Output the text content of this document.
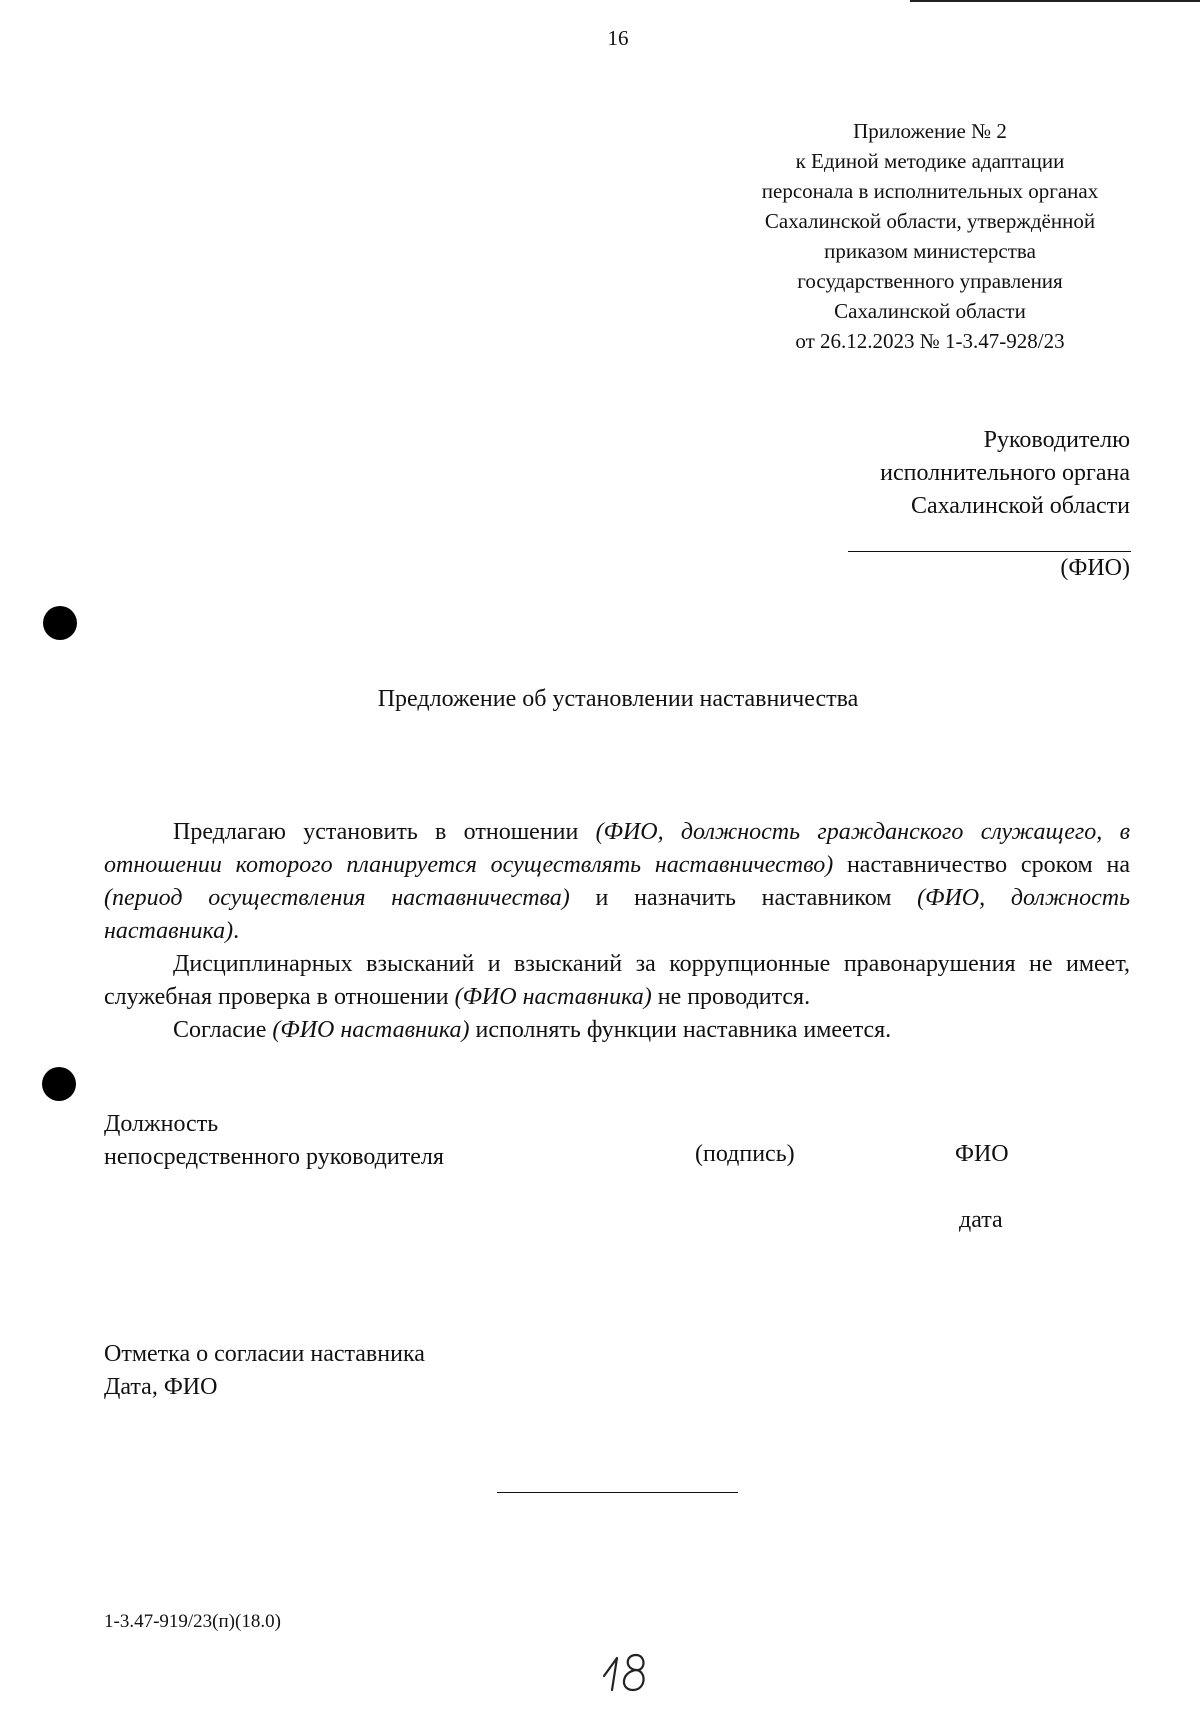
16
Приложение № 2
к Единой методике адаптации
персонала в исполнительных органах
Сахалинской области, утверждённой
приказом министерства
государственного управления
Сахалинской области
от 26.12.2023 № 1-3.47-928/23
Руководителю
исполнительного органа
Сахалинской области
(ФИО)
Предложение об установлении наставничества

Предлагаю установить в отношении (ФИО, должность гражданского служащего, в отношении которого планируется осуществлять наставничество) наставничество сроком на (период осуществления наставничества) и назначить наставником (ФИО, должность наставника).

Дисциплинарных взысканий и взысканий за коррупционные правонарушения не имеет, служебная проверка в отношении (ФИО наставника) не проводится.

Согласие (ФИО наставника) исполнять функции наставника имеется.

Должность
непосредственного руководителя	(подпись)	ФИО
дата
Отметка о согласии наставника
Дата, ФИО
1-3.47-919/23(п)(18.0)
